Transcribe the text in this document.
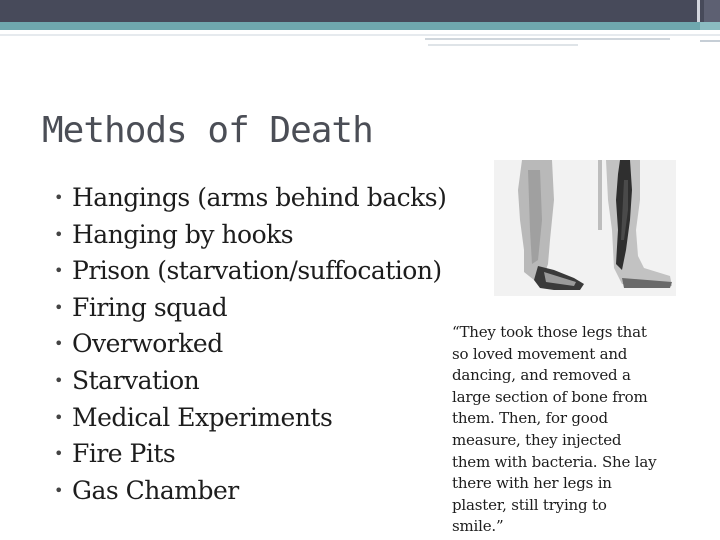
Methods of Death
• Hangings (arms behind backs)
• Hanging by hooks
• Prison (starvation/suffocation)
• Firing squad
• Overworked
• Starvation
• Medical Experiments
• Fire Pits
• Gas Chamber

“They took those legs that
so loved movement and
dancing, and removed a
large section of bone from
them. Then, for good
measure, they injected
them with bacteria. She lay
there with her legs in
plaster, still trying to
smile.”
